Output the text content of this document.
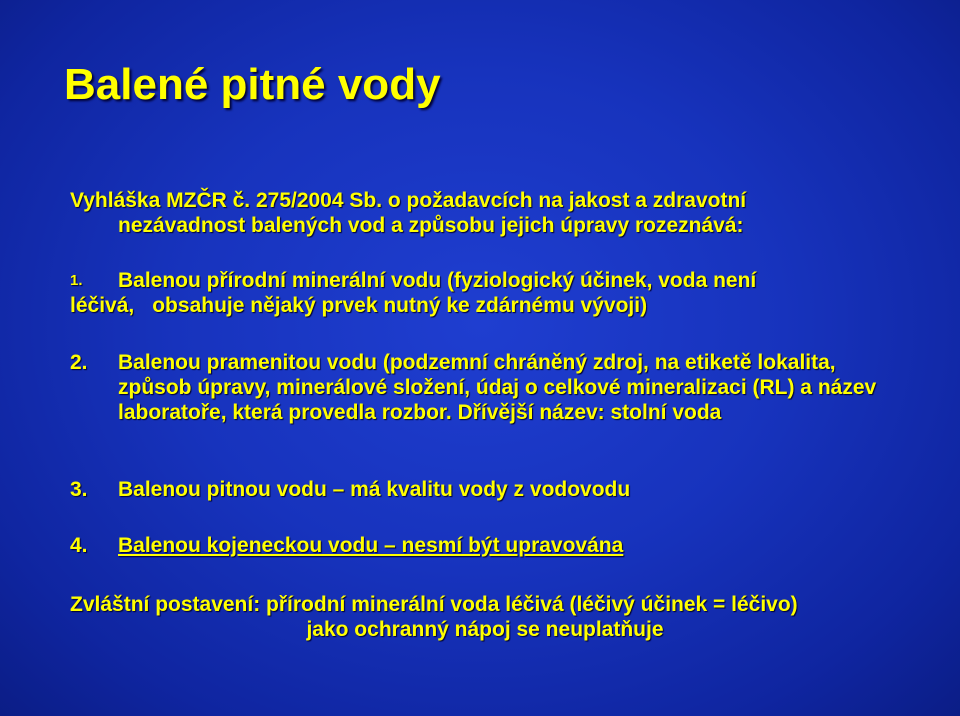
Balené pitné vody
Vyhláška MZČR č. 275/2004 Sb. o požadavcích na jakost a zdravotní
nezávadnost balených vod a způsobu jejich úpravy rozeznává:
1. Balenou přírodní minerální vodu (fyziologický účinek, voda není
léčivá, obsahuje nějaký prvek nutný ke zdárnému vývoji)
2. Balenou pramenitou vodu (podzemní chráněný zdroj, na etiketě lokalita, způsob úpravy, minerálové složení, údaj o celkové mineralizaci (RL) a název laboratoře, která provedla rozbor. Dřívější název: stolní voda
3. Balenou pitnou vodu – má kvalitu vody z vodovodu
4. Balenou kojeneckou vodu – nesmí být upravována
Zvláštní postavení: přírodní minerální voda léčivá (léčivý účinek = léčivo)
jako ochranný nápoj se neuplatňuje
